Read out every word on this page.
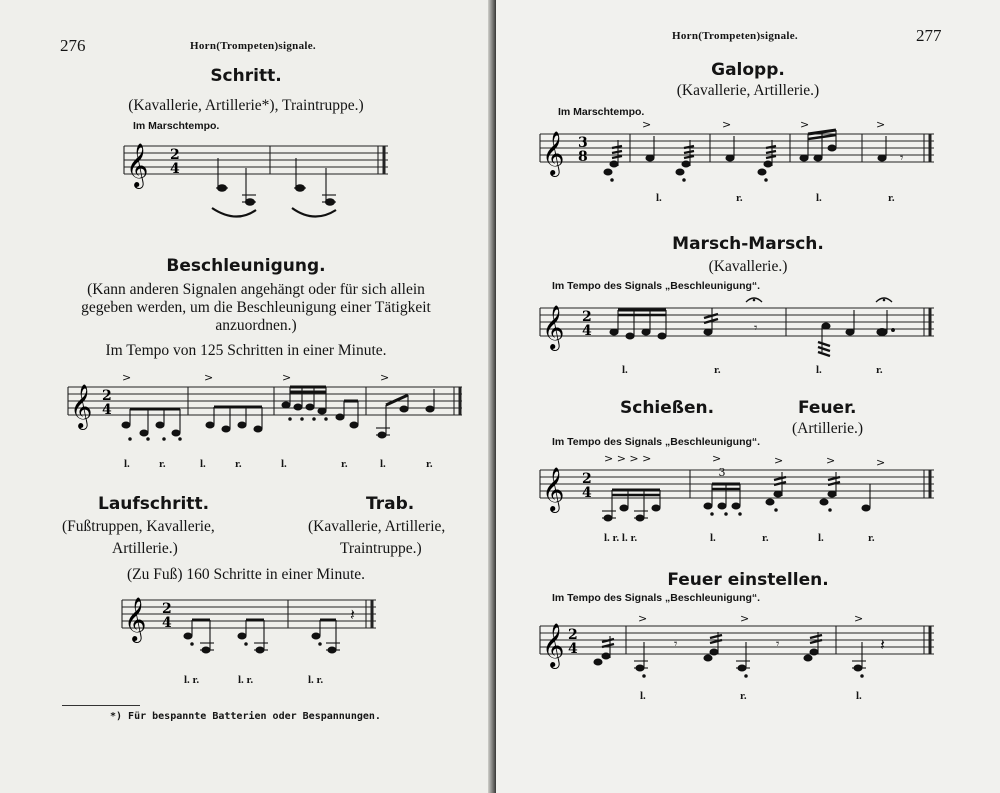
276	Horn(Trompeten)signale.
Schritt.
(Kavallerie, Artillerie*), Traintruppe.)
Im Marschtempo.
𝄞 2
4
Beschleunigung.
(Kann anderen Signalen angehängt oder für sich allein
gegeben werden, um die Beschleunigung einer Tätigkeit
anzuordnen.)
Im Tempo von 125 Schritten in einer Minute.
𝄞 2
4
>	>	>	>
l.	r.	l.	r.	l.	r.	l.	r.
Laufschritt.	Trab.
(Fußtruppen, Kavallerie,
Artillerie.)
(Kavallerie, Artillerie,
Traintruppe.)
(Zu Fuß) 160 Schritte in einer Minute.
𝄞 2
4	𝄽
l. r.	l. r.	l. r.
*) Für bespannte Batterien oder Bespannungen.
Horn(Trompeten)signale.	277
Galopp.
(Kavallerie, Artillerie.)
Im Marschtempo.
𝄞 3
8	𝄾
>	>	>	>
l.	r.	l.	r.
Marsch-Marsch.
(Kavallerie.)
Im Tempo des Signals „Beschleunigung“.
𝄞 2
4	𝄾
l.	r.	l.	r.
Schießen.	Feuer.
(Artillerie.)
Im Tempo des Signals „Beschleunigung“.
𝄞 2
4
3
> > > >	>	>	>	>
l. r. l. r.	l.	r.	l.	r.
Feuer einstellen.
Im Tempo des Signals „Beschleunigung“.
𝄞 2
4	𝄾	𝄾	𝄽
>	>	>
l.	r.	l.
